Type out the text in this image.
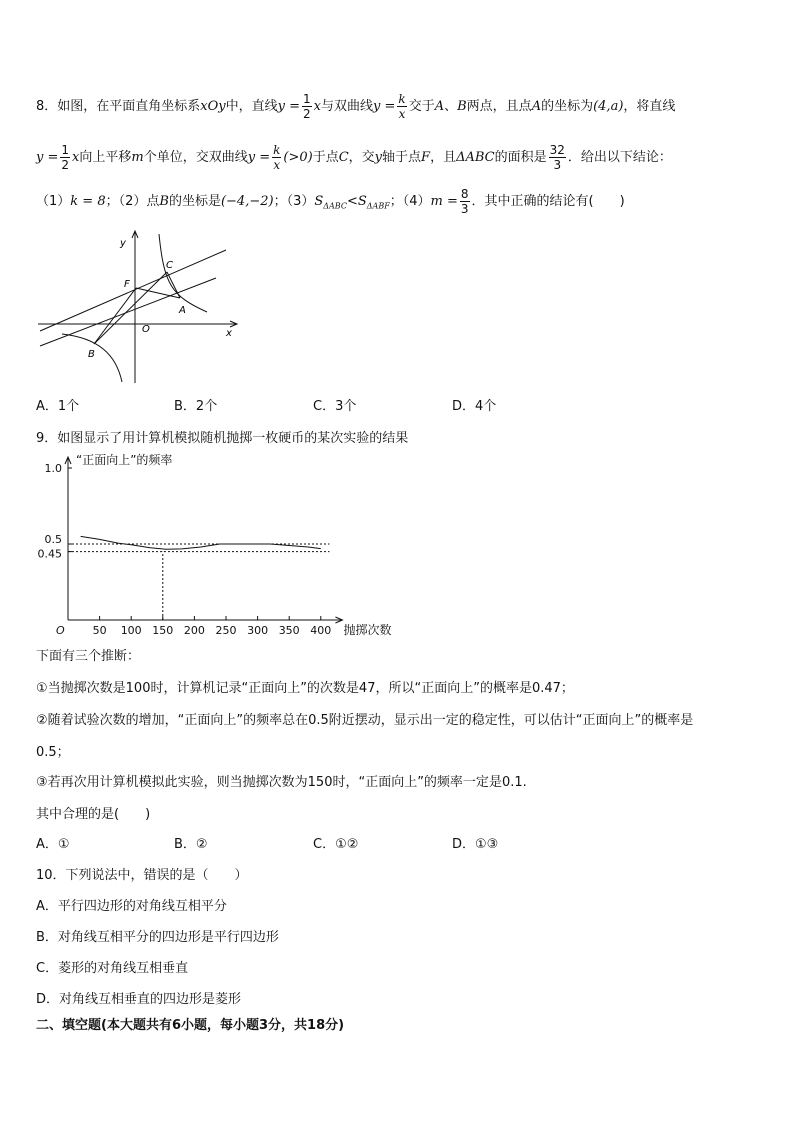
8．如图，在平面直角坐标系xOy中，直线$y = \frac{1}{2}$ x与双曲线$y = \frac{k}{x}$ 交于A、B两点，且点A的坐标为(4,a)，将直线
$y = \frac{1}{2}$ x向上平移m个单位，交双曲线$y = \frac{k}{x} (>0)$于点C，交y轴于点F，且ΔABC的面积是 $\frac{32}{3}$ ．给出以下结论：
（1）k = 8；（2）点B的坐标是(−4,−2)；$(3)S_{\Delta ABC}<S_{\Delta ABF}$；$(4)m = \frac{8}{3}$ ．其中正确的结论有(　　)
y
x
O
F
C
A
B
A．1个	B．2个	C．3个	D．4个
9．如图显示了用计算机模拟随机抛掷一枚硬币的某次实验的结果
50 100 150 200 250 300 350 400
1.0
0.5
0.45
O
“正面向上”的频率
抛掷次数
下面有三个推断：
①当抛掷次数是100时，计算机记录“正面向上”的次数是47，所以“正面向上”的概率是0.47；
②随着试验次数的增加，“正面向上”的频率总在0.5附近摆动，显示出一定的稳定性，可以估计“正面向上”的概率是
0.5；
③若再次用计算机模拟此实验，则当抛掷次数为150时，“正面向上”的频率一定是0.1.
其中合理的是(　　)
A．①	B．②	C．①②	D．①③
10．下列说法中，错误的是（　　）
A．平行四边形的对角线互相平分
B．对角线互相平分的四边形是平行四边形
C．菱形的对角线互相垂直
D．对角线互相垂直的四边形是菱形
二、填空题(本大题共有6小题，每小题3分，共18分)
